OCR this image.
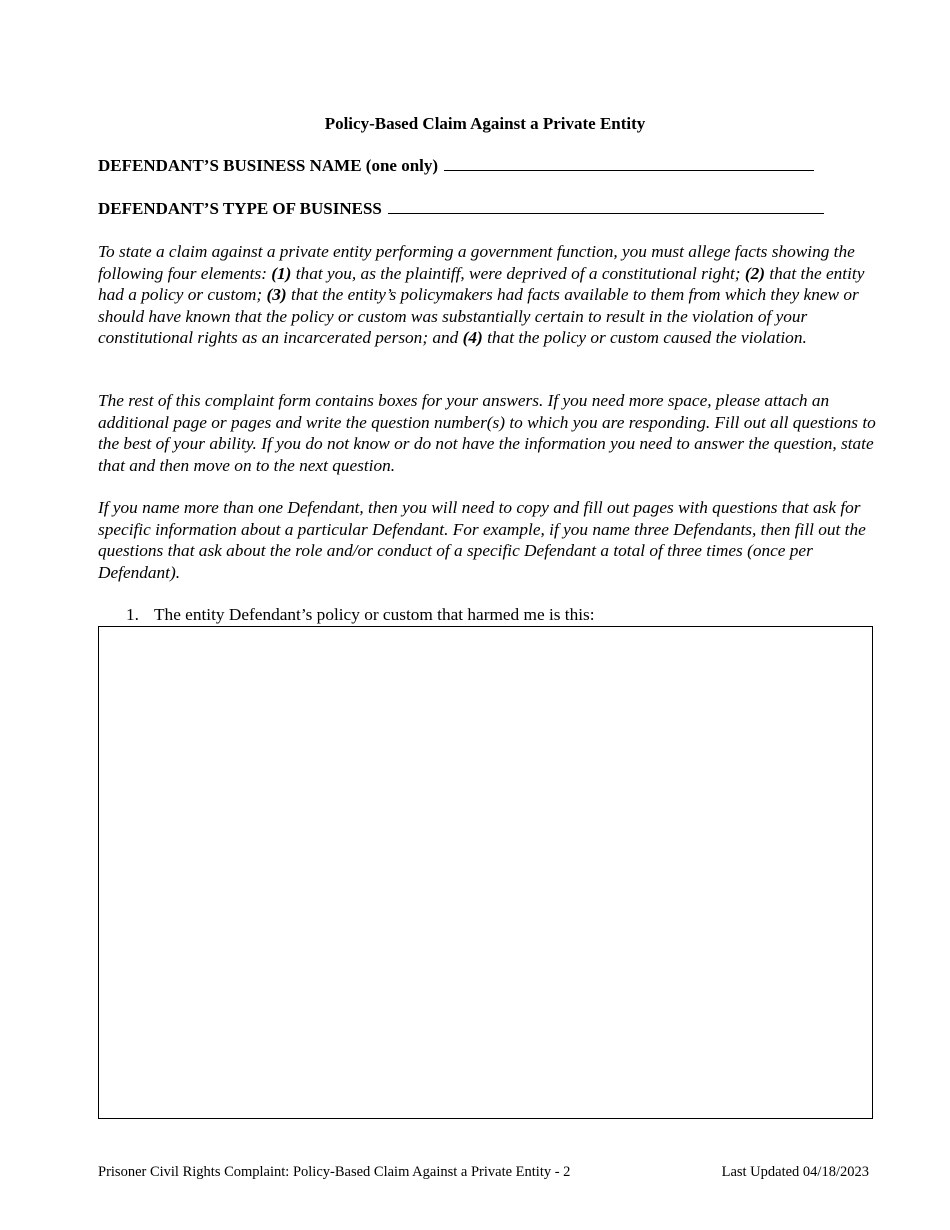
Policy-Based Claim Against a Private Entity
DEFENDANT’S BUSINESS NAME (one only)
DEFENDANT’S TYPE OF BUSINESS

To state a claim against a private entity performing a government function, you must allege facts showing the following four elements: (1) that you, as the plaintiff, were deprived of a constitutional right; (2) that the entity had a policy or custom; (3) that the entity’s policymakers had facts available to them from which they knew or should have known that the policy or custom was substantially certain to result in the violation of your constitutional rights as an incarcerated person; and (4) that the policy or custom caused the violation.

The rest of this complaint form contains boxes for your answers. If you need more space, please attach an additional page or pages and write the question number(s) to which you are responding. Fill out all questions to the best of your ability. If you do not know or do not have the information you need to answer the question, state that and then move on to the next question.

If you name more than one Defendant, then you will need to copy and fill out pages with questions that ask for specific information about a particular Defendant. For example, if you name three Defendants, then fill out the questions that ask about the role and/or conduct of a specific Defendant a total of three times (once per Defendant).

1. The entity Defendant’s policy or custom that harmed me is this:
Prisoner Civil Rights Complaint: Policy-Based Claim Against a Private Entity - 2	Last Updated 04/18/2023
